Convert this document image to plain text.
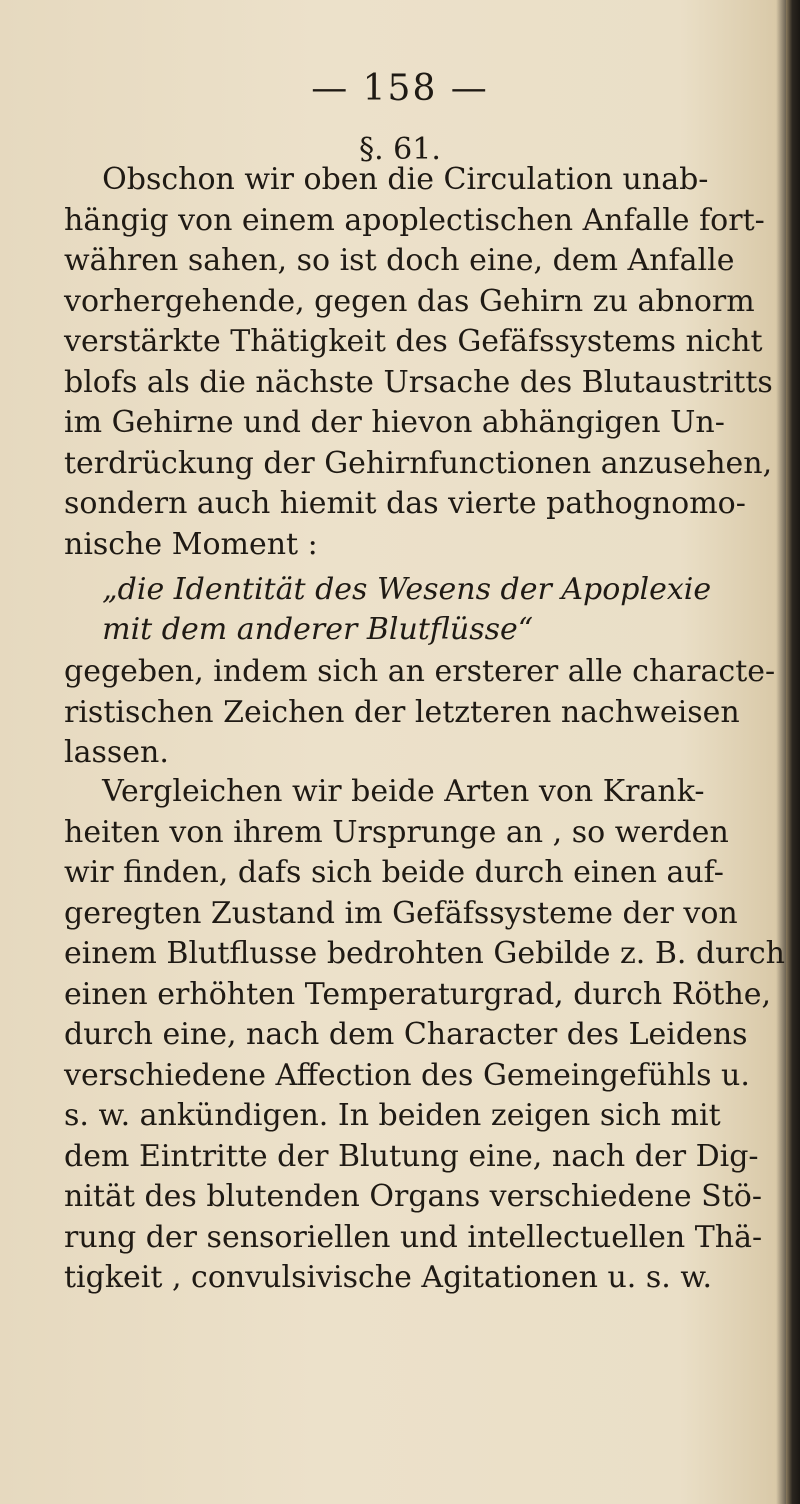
— 158 —
§. 61.
Obschon wir oben die Circulation unab-
hängig von einem apoplectischen Anfalle fort-
währen sahen, so ist doch eine, dem Anfalle
vorhergehende, gegen das Gehirn zu abnorm
verstärkte Thätigkeit des Gefäfssystems nicht
blofs als die nächste Ursache des Blutaustritts
im Gehirne und der hievon abhängigen Un-
terdrückung der Gehirnfunctionen anzusehen,
sondern auch hiemit das vierte pathognomo-
nische Moment :
„die Identität des Wesens der Apoplexie
mit dem anderer Blutflüsse“
gegeben, indem sich an ersterer alle characte-
ristischen Zeichen der letzteren nachweisen
lassen.
Vergleichen wir beide Arten von Krank-
heiten von ihrem Ursprunge an , so werden
wir finden, dafs sich beide durch einen auf-
geregten Zustand im Gefäfssysteme der von
einem Blutflusse bedrohten Gebilde z. B. durch
einen erhöhten Temperaturgrad, durch Röthe,
durch eine, nach dem Character des Leidens
verschiedene Affection des Gemeingefühls u.
s. w. ankündigen. In beiden zeigen sich mit
dem Eintritte der Blutung eine, nach der Dig-
nität des blutenden Organs verschiedene Stö-
rung der sensoriellen und intellectuellen Thä-
tigkeit , convulsivische Agitationen u. s. w.
